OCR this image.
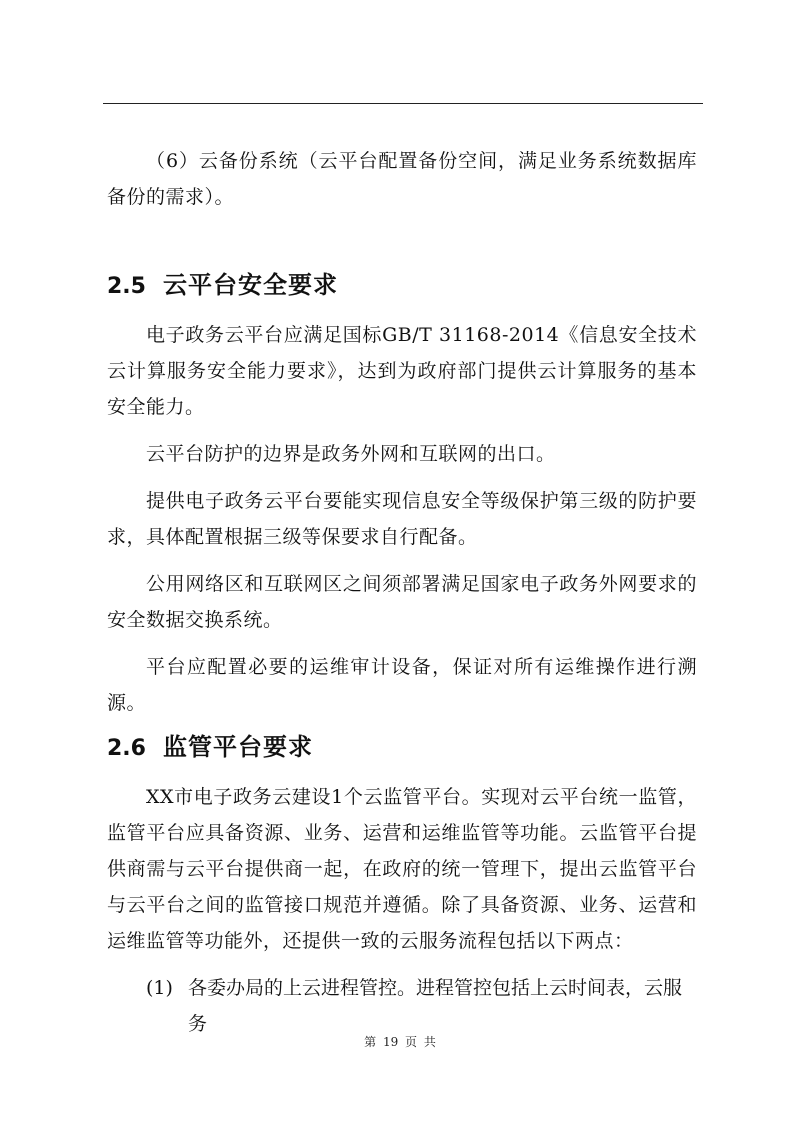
（6）云备份系统（云平台配置备份空间，满足业务系统数据库备份的需求）。

2.5 云平台安全要求

电子政务云平台应满足国标GB/T 31168-2014《信息安全技术 云计算服务安全能力要求》，达到为政府部门提供云计算服务的基本安全能力。

云平台防护的边界是政务外网和互联网的出口。

提供电子政务云平台要能实现信息安全等级保护第三级的防护要求，具体配置根据三级等保要求自行配备。

公用网络区和互联网区之间须部署满足国家电子政务外网要求的安全数据交换系统。

平台应配置必要的运维审计设备，保证对所有运维操作进行溯源。

2.6 监管平台要求

XX市电子政务云建设1个云监管平台。实现对云平台统一监管，监管平台应具备资源、业务、运营和运维监管等功能。云监管平台提供商需与云平台提供商一起，在政府的统一管理下，提出云监管平台与云平台之间的监管接口规范并遵循。除了具备资源、业务、运营和运维监管等功能外，还提供一致的云服务流程包括以下两点：

(1) 各委办局的上云进程管控。进程管控包括上云时间表，云服务
第 19 页 共
